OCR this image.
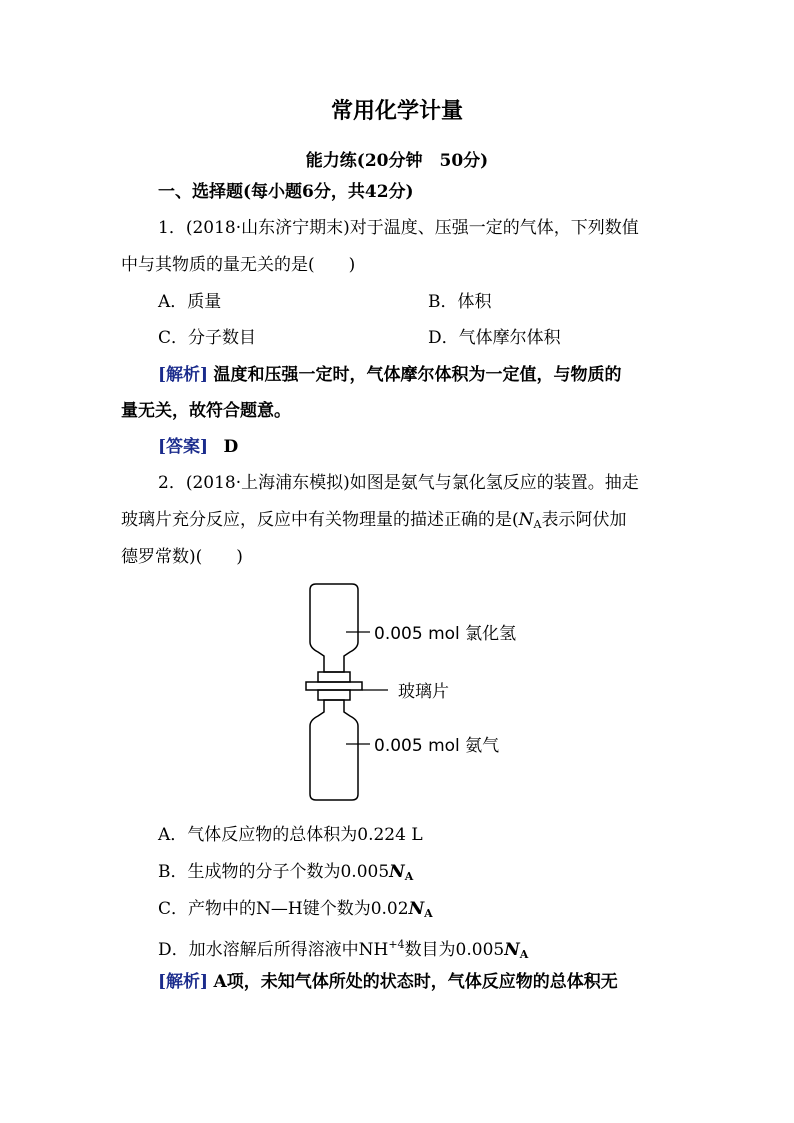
常用化学计量
能力练(20分钟　50分)
一、选择题(每小题6分，共42分)
1．(2018·山东济宁期末)对于温度、压强一定的气体，下列数值
中与其物质的量无关的是(　　)
A．质量	B．体积
C．分子数目	D．气体摩尔体积
[解析] 温度和压强一定时，气体摩尔体积为一定值，与物质的
量无关，故符合题意。
[答案] D
2．(2018·上海浦东模拟)如图是氨气与氯化氢反应的装置。抽走
玻璃片充分反应，反应中有关物理量的描述正确的是($N_A$表示阿伏加
德罗常数)(　　)
0.005 mol 氯化氢
玻璃片
0.005 mol 氨气
A．气体反应物的总体积为0.224 L
B．生成物的分子个数为$0.005N_A$
C．产物中的N—H键个数为$0.02N_A$
D．加水溶解后所得溶液中$NH^{+4}$数目为$0.005N_A$
[解析] A项，未知气体所处的状态时，气体反应物的总体积无
